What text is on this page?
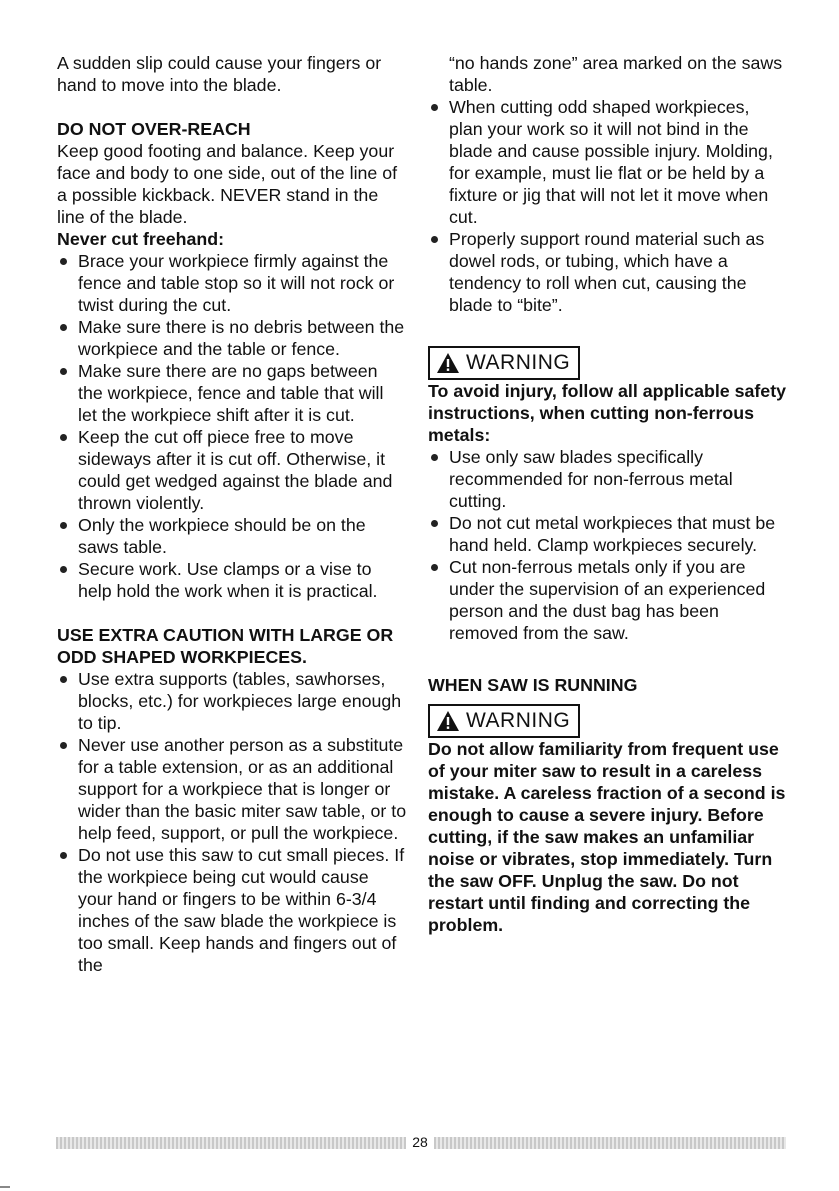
A sudden slip could cause your fingers or hand to move into the blade.

DO NOT OVER-REACH

Keep good footing and balance. Keep your face and body to one side, out of the line of a possible kickback. NEVER stand in the line of the blade.

Never cut freehand:

Brace your workpiece firmly against the fence and table stop so it will not rock or twist during the cut.
Make sure there is no debris between the workpiece and the table or fence.
Make sure there are no gaps between the workpiece, fence and table that will let the workpiece shift after it is cut.
Keep the cut off piece free to move sideways after it is cut off. Otherwise, it could get wedged against the blade and thrown violently.
Only the workpiece should be on the saws table.
Secure work. Use clamps or a vise to help hold the work when it is practical.

USE EXTRA CAUTION WITH LARGE OR ODD SHAPED WORKPIECES.

Use extra supports (tables, sawhorses, blocks, etc.) for workpieces large enough to tip.
Never use another person as a substitute for a table extension, or as an additional support for a workpiece that is longer or wider than the basic miter saw table, or to help feed, support, or pull the workpiece.
Do not use this saw to cut small pieces. If the workpiece being cut would cause your hand or fingers to be within 6-3/4 inches of the saw blade the workpiece is too small. Keep hands and fingers out of the

“no hands zone” area marked on the saws table.

When cutting odd shaped workpieces, plan your work so it will not bind in the blade and cause possible injury. Molding, for example, must lie flat or be held by a fixture or jig that will not let it move when cut.
Properly support round material such as dowel rods, or tubing, which have a tendency to roll when cut, causing the blade to “bite”.
WARNING

To avoid injury, follow all applicable safety instructions, when cutting non-ferrous metals:

Use only saw blades specifically recommended for non-ferrous metal cutting.
Do not cut metal workpieces that must be hand held. Clamp workpieces securely.
Cut non-ferrous metals only if you are under the supervision of an experienced person and the dust bag has been removed from the saw.

WHEN SAW IS RUNNING

WARNING

Do not allow familiarity from frequent use of your miter saw to result in a careless mistake. A careless fraction of a second is enough to cause a severe injury. Before cutting, if the saw makes an unfamiliar noise or vibrates, stop immediately. Turn the saw OFF. Unplug the saw. Do not restart until finding and correcting the problem.

28
